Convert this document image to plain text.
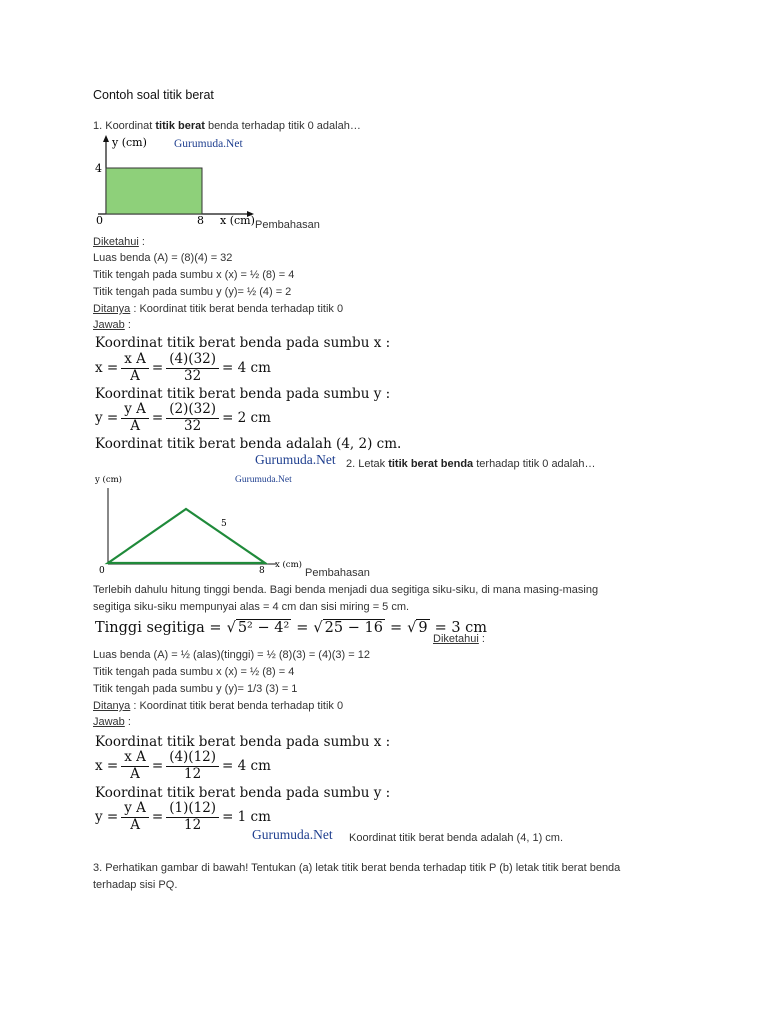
Contoh soal titik berat
1. Koordinat titik berat benda terhadap titik 0 adalah…
y (cm) Gurumuda.Net
4
0	8 x (cm) Pembahasan
Diketahui :
Luas benda (A) = (8)(4) = 32
Titik tengah pada sumbu x (x) = ½ (8) = 4
Titik tengah pada sumbu y (y)= ½ (4) = 2
Ditanya : Koordinat titik berat benda terhadap titik 0
Jawab :
Koordinat titik berat benda pada sumbu x :
$x = \frac{\text{x A}}{A} = \frac{(4)(32)}{32} = 4$ cm
Koordinat titik berat benda pada sumbu y :
$y = \frac{\text{y A}}{A} = \frac{(2)(32)}{32} = 2$ cm
Koordinat titik berat benda adalah (4, 2) cm.
Gurumuda.Net 2. Letak titik berat benda terhadap titik 0 adalah…
y (cm)	Gurumuda.Net
5
0	8
x (cm)
Pembahasan
Terlebih dahulu hitung tinggi benda. Bagi benda menjadi dua segitiga siku-siku, di mana masing-masing
segitiga siku-siku mempunyai alas = 4 cm dan sisi miring = 5 cm.
Tinggi segitiga = √ 5² − 4² = √ 25 − 16 = √ 9 = 3 cm
Diketahui :
Luas benda (A) = ½ (alas)(tinggi) = ½ (8)(3) = (4)(3) = 12
Titik tengah pada sumbu x (x) = ½ (8) = 4
Titik tengah pada sumbu y (y)= 1/3 (3) = 1
Ditanya : Koordinat titik berat benda terhadap titik 0
Jawab :
Koordinat titik berat benda pada sumbu x :
$x = \frac{\text{x A}}{A} = \frac{(4)(12)}{12} = 4$ cm
Koordinat titik berat benda pada sumbu y :
$y = \frac{\text{y A}}{A} = \frac{(1)(12)}{12} = 1$ cm
Gurumuda.Net Koordinat titik berat benda adalah (4, 1) cm.
3. Perhatikan gambar di bawah! Tentukan (a) letak titik berat benda terhadap titik P (b) letak titik berat benda
terhadap sisi PQ.
